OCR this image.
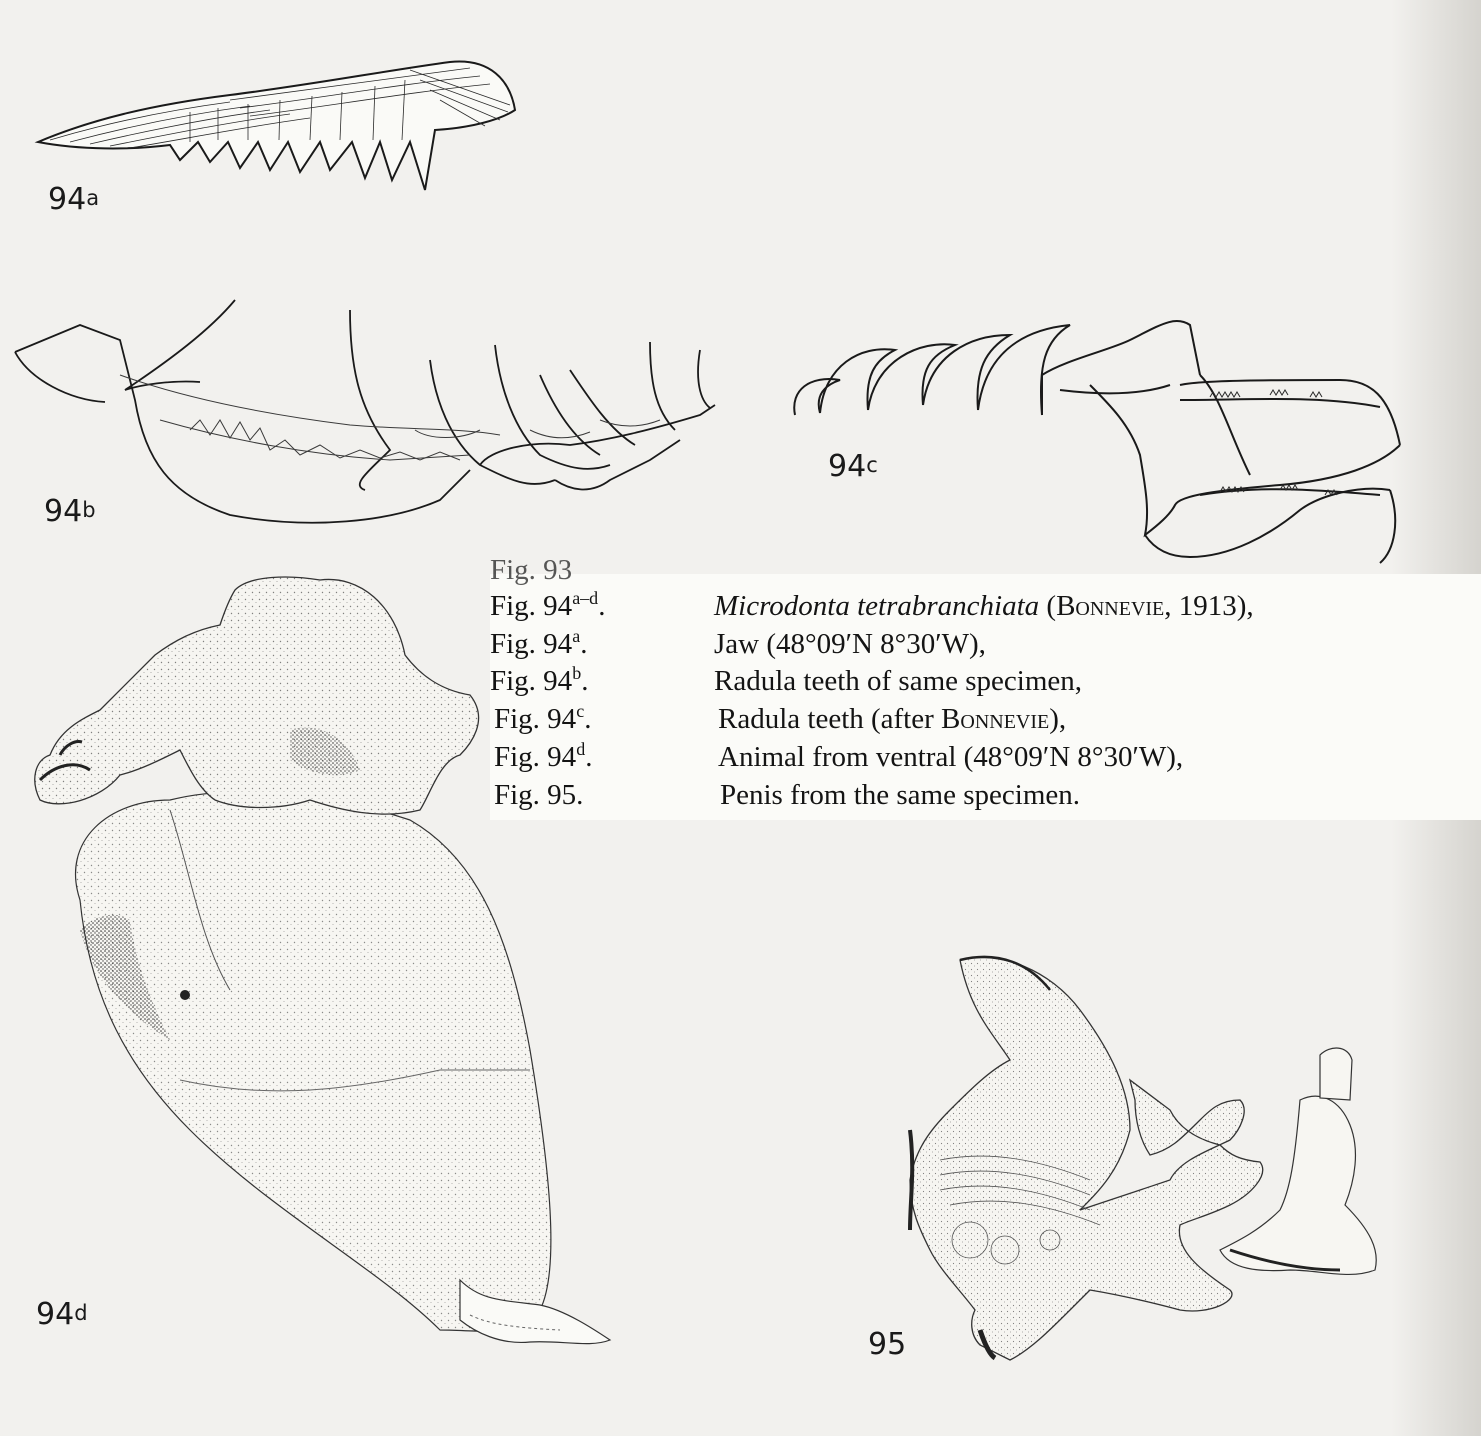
94$^a$
94$^b$
94$^c$
94$^d$
95
Fig. 93
Fig. 94$^{a-d}$.	Microdonta tetrabranchiata (Bonnevie, 1913),
Fig. 94$^a$.	Jaw (48°09′N 8°30′W),
Fig. 94$^b$.	Radula teeth of same specimen,
Fig. 94$^c$.	Radula teeth (after Bonnevie),
Fig. 94$^d$.	Animal from ventral (48°09′N 8°30′W),
Fig. 95.	Penis from the same specimen.
